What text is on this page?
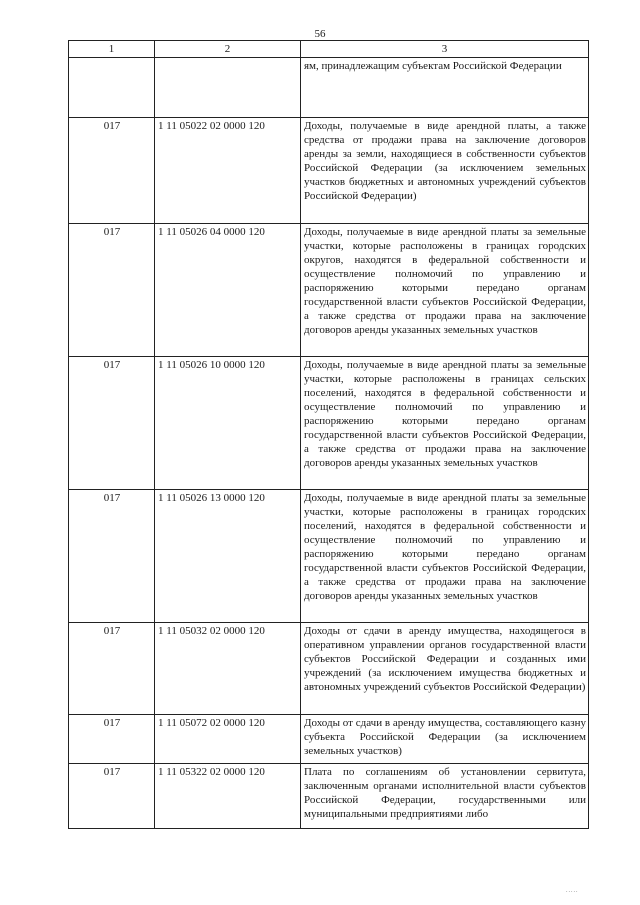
56
1	2	3
		ям, принадлежащим субъектам Российской Федерации
017	1 11 05022 02 0000 120	Доходы, получаемые в виде арендной платы, а также средства от продажи права на заключение договоров аренды за земли, находящиеся в собственности субъектов Российской Федерации (за исключением земельных участков бюджетных и автономных учреждений субъектов Российской Федерации)
017	1 11 05026 04 0000 120	Доходы, получаемые в виде арендной платы за земельные участки, которые расположены в границах городских округов, находятся в федеральной собственности и осуществление полномочий по управлению и распоряжению которыми передано органам государственной власти субъектов Российской Федерации, а также средства от продажи права на заключение договоров аренды указанных земельных участков
017	1 11 05026 10 0000 120	Доходы, получаемые в виде арендной платы за земельные участки, которые расположены в границах сельских поселений, находятся в федеральной собственности и осуществление полномочий по управлению и распоряжению которыми передано органам государственной власти субъектов Российской Федерации, а также средства от продажи права на заключение договоров аренды указанных земельных участков
017	1 11 05026 13 0000 120	Доходы, получаемые в виде арендной платы за земельные участки, которые расположены в границах городских поселений, находятся в федеральной собственности и осуществление полномочий по управлению и распоряжению которыми передано органам государственной власти субъектов Российской Федерации, а также средства от продажи права на заключение договоров аренды указанных земельных участков
017	1 11 05032 02 0000 120	Доходы от сдачи в аренду имущества, находящегося в оперативном управлении органов государственной власти субъектов Российской Федерации и созданных ими учреждений (за исключением имущества бюджетных и автономных учреждений субъектов Российской Федерации)
017	1 11 05072 02 0000 120	Доходы от сдачи в аренду имущества, составляющего казну субъекта Российской Федерации (за исключением земельных участков)
017	1 11 05322 02 0000 120	Плата по соглашениям об установлении сервитута, заключенным органами исполнительной власти субъектов Российской Федерации, государственными или муниципальными предприятиями либо
.....
